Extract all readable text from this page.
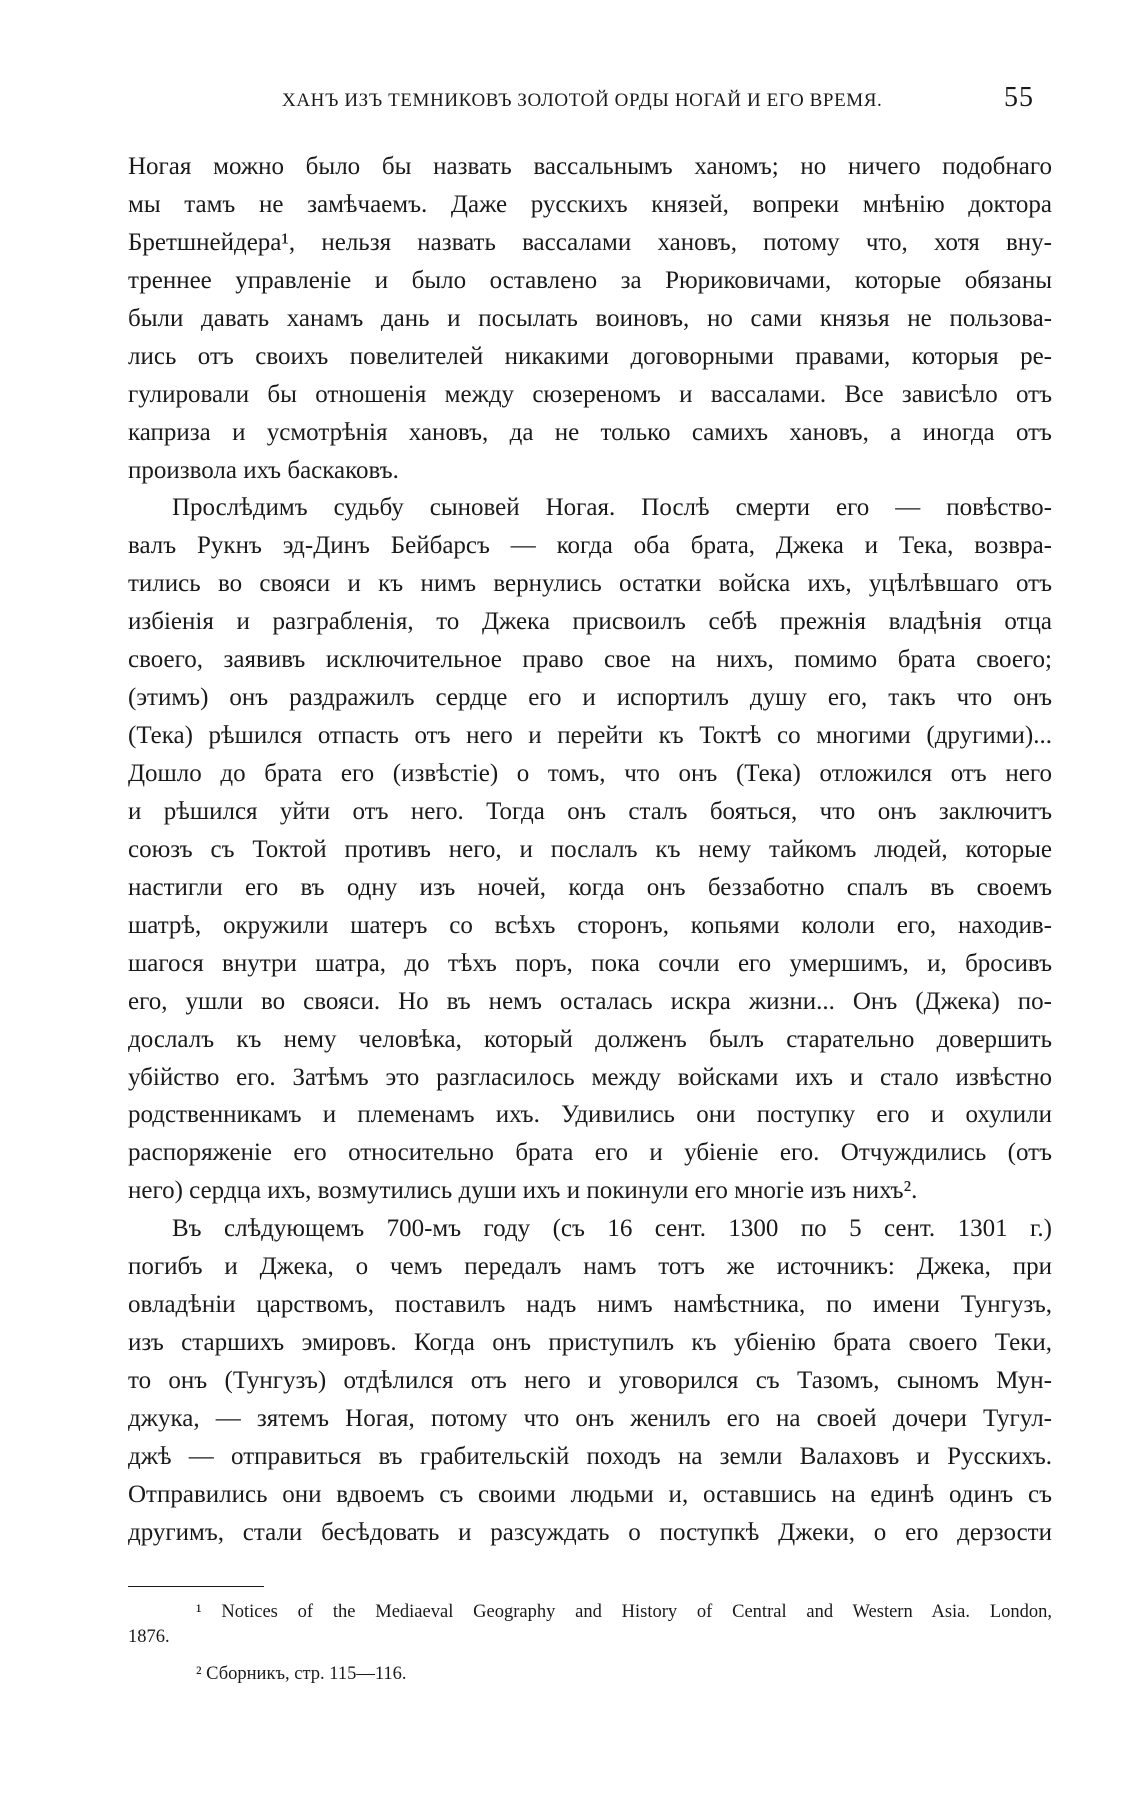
ХАНЪ ИЗЪ ТЕМНИКОВЪ ЗОЛОТОЙ ОРДЫ НОГАЙ И ЕГО ВРЕМЯ.	55
Ногая можно было бы назвать вассальнымъ ханомъ; но ничего подобнаго
мы тамъ не замѣчаемъ. Даже русскихъ князей, вопреки мнѣнію доктора
Бретшнейдера¹, нельзя назвать вассалами хановъ, потому что, хотя вну-
треннее управленіе и было оставлено за Рюриковичами, которые обязаны
были давать ханамъ дань и посылать воиновъ, но сами князья не пользова-
лись отъ своихъ повелителей никакими договорными правами, которыя ре-
гулировали бы отношенія между сюзереномъ и вассалами. Все зависѣло отъ
каприза и усмотрѣнія хановъ, да не только самихъ хановъ, а иногда отъ
произвола ихъ баскаковъ.
Прослѣдимъ судьбу сыновей Ногая. Послѣ смерти его — повѣство-
валъ Рукнъ эд-Динъ Бейбарсъ — когда оба брата, Джека и Тека, возвра-
тились во свояси и къ нимъ вернулись остатки войска ихъ, уцѣлѣвшаго отъ
избіенія и разграбленія, то Джека присвоилъ себѣ прежнія владѣнія отца
своего, заявивъ исключительное право свое на нихъ, помимо брата своего;
(этимъ) онъ раздражилъ сердце его и испортилъ душу его, такъ что онъ
(Тека) рѣшился отпасть отъ него и перейти къ Токтѣ со многими (другими)...
Дошло до брата его (извѣстіе) о томъ, что онъ (Тека) отложился отъ него
и рѣшился уйти отъ него. Тогда онъ сталъ бояться, что онъ заключитъ
союзъ съ Токтой противъ него, и послалъ къ нему тайкомъ людей, которые
настигли его въ одну изъ ночей, когда онъ беззаботно спалъ въ своемъ
шатрѣ, окружили шатеръ со всѣхъ сторонъ, копьями кололи его, находив-
шагося внутри шатра, до тѣхъ поръ, пока сочли его умершимъ, и, бросивъ
его, ушли во свояси. Но въ немъ осталась искра жизни... Онъ (Джека) по-
дослалъ къ нему человѣка, который долженъ былъ старательно довершить
убійство его. Затѣмъ это разгласилось между войсками ихъ и стало извѣстно
родственникамъ и племенамъ ихъ. Удивились они поступку его и охулили
распоряженіе его относительно брата его и убіеніе его. Отчуждились (отъ
него) сердца ихъ, возмутились души ихъ и покинули его многіе изъ нихъ².
Въ слѣдующемъ 700-мъ году (съ 16 сент. 1300 по 5 сент. 1301 г.)
погибъ и Джека, о чемъ передалъ намъ тотъ же источникъ: Джека, при
овладѣніи царствомъ, поставилъ надъ нимъ намѣстника, по имени Тунгузъ,
изъ старшихъ эмировъ. Когда онъ приступилъ къ убіенію брата своего Теки,
то онъ (Тунгузъ) отдѣлился отъ него и уговорился съ Тазомъ, сыномъ Мун-
джука, — зятемъ Ногая, потому что онъ женилъ его на своей дочери Тугул-
джѣ — отправиться въ грабительскій походъ на земли Валаховъ и Русскихъ.
Отправились они вдвоемъ съ своими людьми и, оставшись на единѣ одинъ съ
другимъ, стали бесѣдовать и разсуждать о поступкѣ Джеки, о его дерзости
¹ Notices of the Mediaeval Geography and History of Central and Western Asia. London,
1876.
² Сборникъ, стр. 115—116.
